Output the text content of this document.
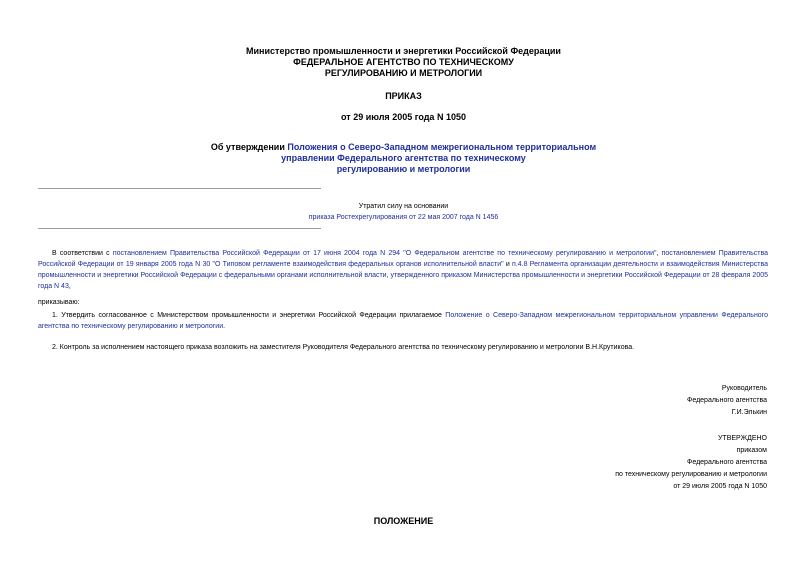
Министерство промышленности и энергетики Российской Федерации
ФЕДЕРАЛЬНОЕ АГЕНТСТВО ПО ТЕХНИЧЕСКОМУ
РЕГУЛИРОВАНИЮ И МЕТРОЛОГИИ
ПРИКАЗ
от 29 июля 2005 года N 1050
Об утверждении Положения о Северо-Западном межрегиональном территориальном
управлении Федерального агентства по техническому
регулированию и метрологии
Утратил силу на основании
приказа Ростехрегулирования от 22 мая 2007 года N 1456
В соответствии с постановлением Правительства Российской Федерации от 17 июня 2004 года N 294 "О Федеральном агентстве по техническому регулированию и метрологии", постановлением Правительства Российской Федерации от 19 января 2005 года N 30 "О Типовом регламенте взаимодействия федеральных органов исполнительной власти" и п.4.8 Регламента организации деятельности и взаимодействия Министерства промышленности и энергетики Российской Федерации с федеральными органами исполнительной власти, утвержденного приказом Министерства промышленности и энергетики Российской Федерации от 28 февраля 2005 года N 43,
приказываю:
1. Утвердить согласованное с Министерством промышленности и энергетики Российской Федерации прилагаемое Положение о Северо-Западном межрегиональном территориальном управлении Федерального агентства по техническому регулированию и метрологии.
2. Контроль за исполнением настоящего приказа возложить на заместителя Руководителя Федерального агентства по техническому регулированию и метрологии В.Н.Крутикова.
Руководитель
Федерального агентства
Г.И.Элькин
УТВЕРЖДЕНО
приказом
Федерального агентства
по техническому регулированию и метрологии
от 29 июля 2005 года N 1050
ПОЛОЖЕНИЕ
